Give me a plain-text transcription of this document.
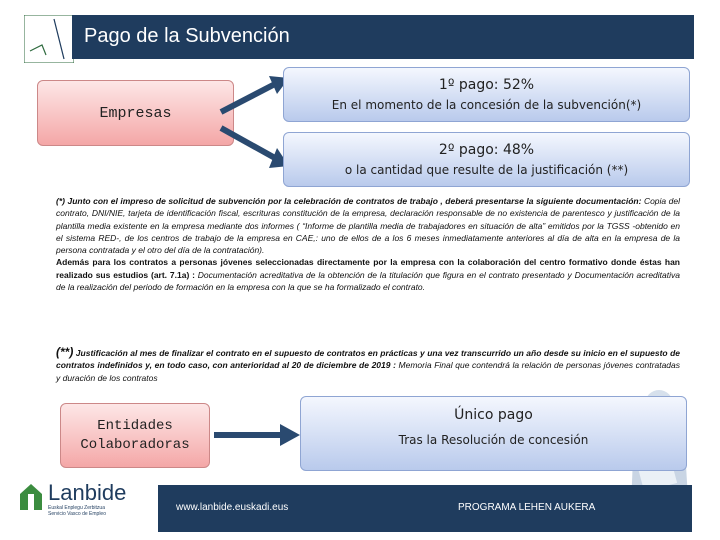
Pago de la Subvención
Empresas
1º pago: 52%
En el momento de la concesión de la subvención(*)
2º pago: 48%
o la cantidad que resulte de la justificación (**)

(*) Junto con el impreso de solicitud de subvención por la celebración de contratos de trabajo , deberá presentarse la siguiente documentación: Copia del contrato, DNI/NIE, tarjeta de identificación fiscal, escrituras constitución de la empresa, declaración responsable de no existencia de parentesco y justificación de la plantilla media existente en la empresa mediante dos informes ( “Informe de plantilla media de trabajadores en situación de alta” emitidos por la TGSS -obtenido en el sistema RED-, de los centros de trabajo de la empresa en CAE,: uno de ellos de a los 6 meses inmediatamente anteriores al día de alta en la empresa de la persona contratada y el otro del día de la contratación).

Además para los contratos a personas jóvenes seleccionadas directamente por la empresa con la colaboración del centro formativo donde éstas han realizado sus estudios (art. 7.1a) : Documentación acreditativa de la obtención de la titulación que figura en el contrato presentado y Documentación acreditativa de la realización del periodo de formación en la empresa con la que se ha formalizado el contrato.

(**) Justificación al mes de finalizar el contrato en el supuesto de contratos en prácticas y una vez transcurrido un año desde su inicio en el supuesto de contratos indefinidos y, en todo caso, con anterioridad al 20 de diciembre de 2019 : Memoria Final que contendrá la relación de personas jóvenes contratadas y duración de los contratos
Entidades
Colaboradoras
Único pago
Tras la Resolución de concesión
www.lanbide.euskadi.eus	PROGRAMA LEHEN AUKERA
Lanbide
Euskal Enplegu Zerbitzua
Servicio Vasco de Empleo
